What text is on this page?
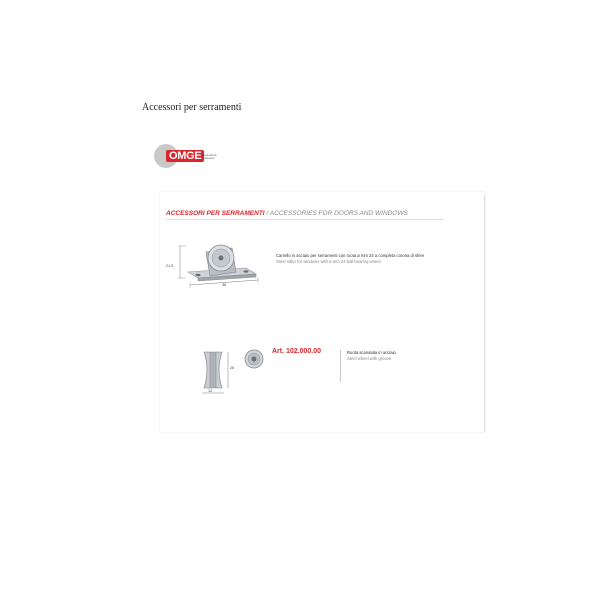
Accessori per serramenti
OMGE ferramenta accessori
ACCESSORI PER SERRAMENTI / ACCESSORIES FOR DOORS AND WINDOWS
21.5
36
Carrello in acciaio per serramenti con ruota ø mm 24 a completa corona di sfere
Steel roller for windows with ø mm 24 ball bearing wheel
26
12
Art. 102.000.00	Ruota scanalata in acciaio
Steel wheel with groove
